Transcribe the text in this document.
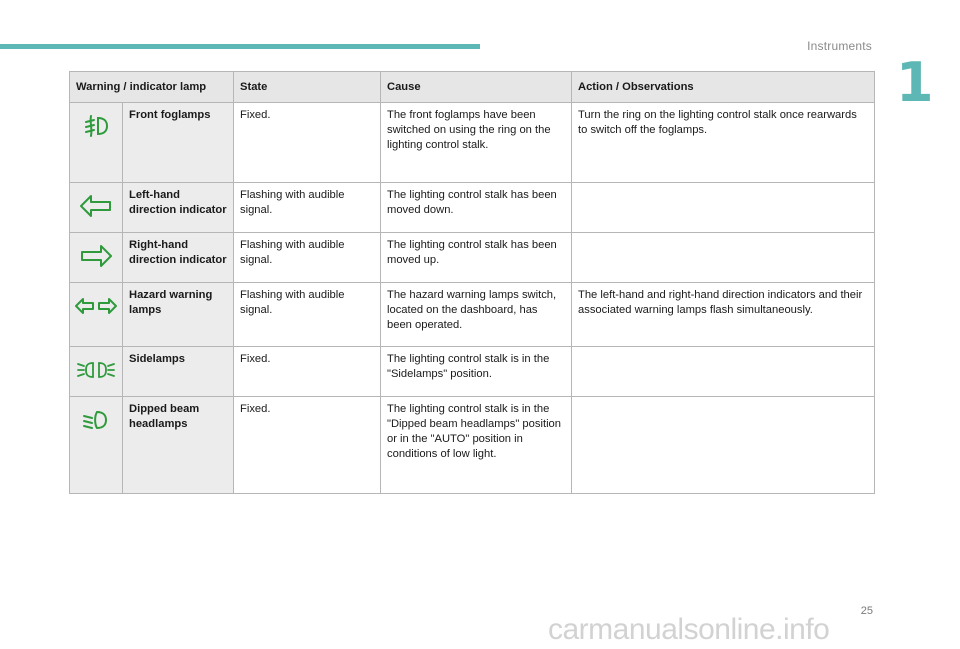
Instruments
1
Warning / indicator lamp		State	Cause	Action / Observations

	Front foglamps	Fixed.	The front foglamps have been switched on using the ring on the lighting control stalk.	Turn the ring on the lighting control stalk once rearwards to switch off the foglamps.

	Left-hand direction indicator	Flashing with audible signal.	The lighting control stalk has been moved down.	

	Right-hand direction indicator	Flashing with audible signal.	The lighting control stalk has been moved up.	

	Hazard warning lamps	Flashing with audible signal.	The hazard warning lamps switch, located on the dashboard, has been operated.	The left-hand and right-hand direction indicators and their associated warning lamps flash simultaneously.

	Sidelamps	Fixed.	The lighting control stalk is in the "Sidelamps" position.	

	Dipped beam headlamps	Fixed.	The lighting control stalk is in the "Dipped beam headlamps" position or in the "AUTO" position in conditions of low light.	
25
carmanualsonline.info
